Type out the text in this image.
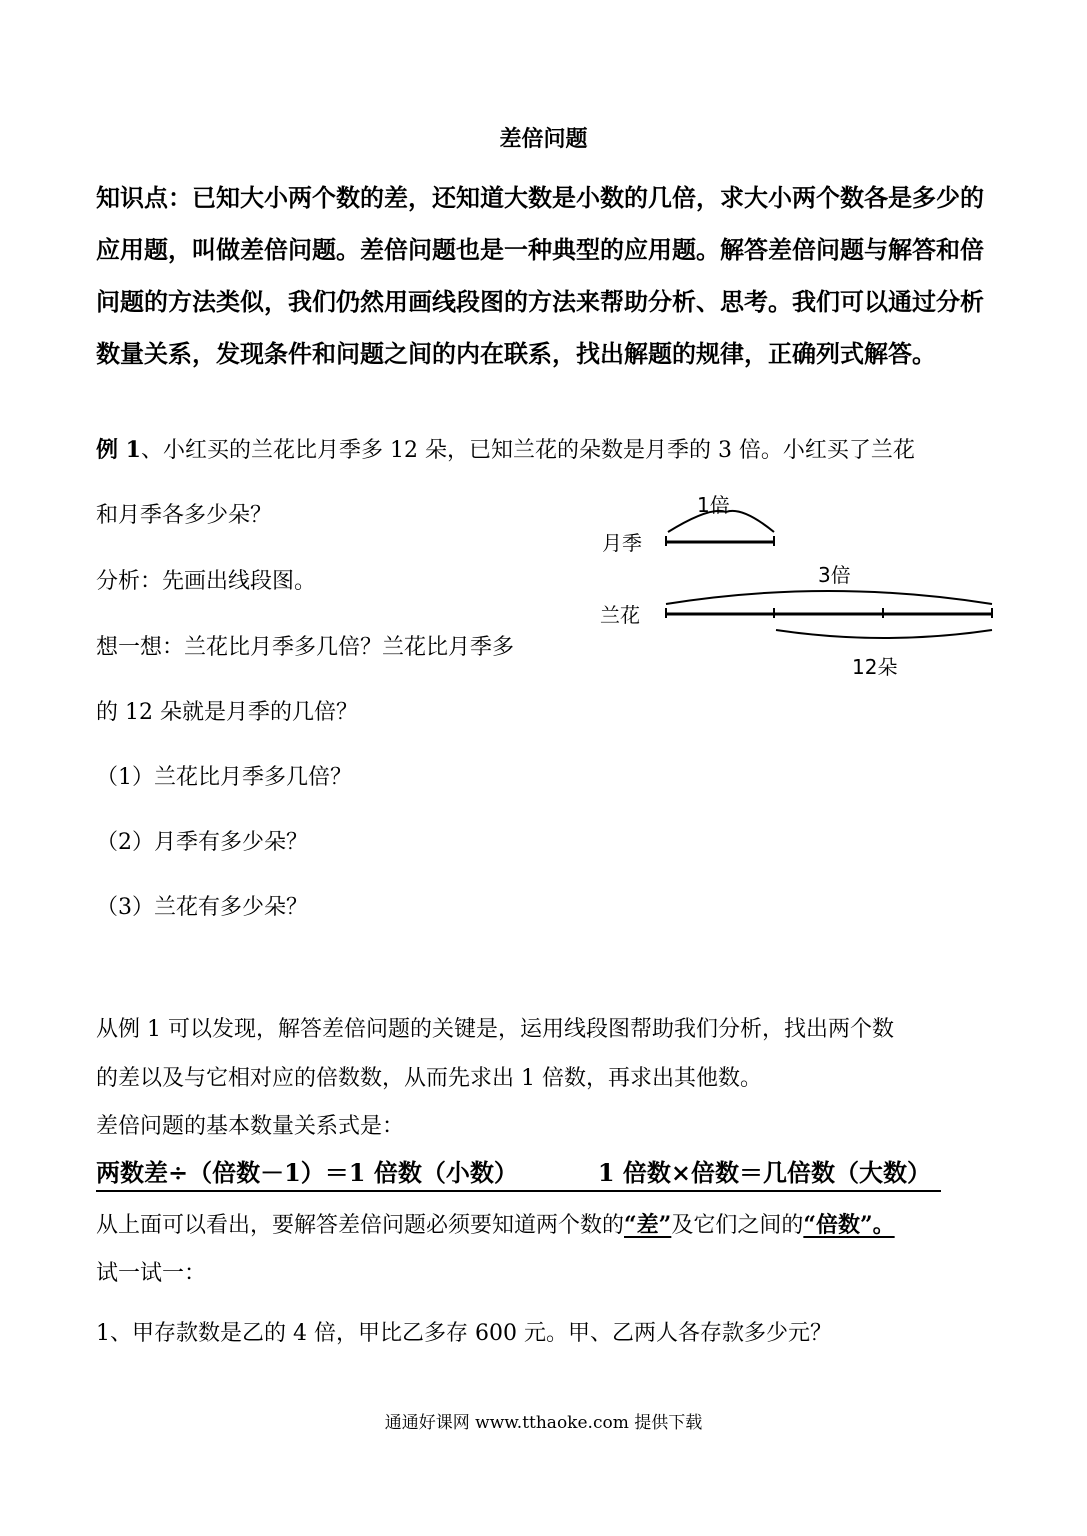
差倍问题
知识点：已知大小两个数的差，还知道大数是小数的几倍，求大小两个数各是多少的应用题，叫做差倍问题。差倍问题也是一种典型的应用题。解答差倍问题与解答和倍问题的方法类似，我们仍然用画线段图的方法来帮助分析、思考。我们可以通过分析数量关系，发现条件和问题之间的内在联系，找出解题的规律，正确列式解答。
例 1、小红买的兰花比月季多 12 朵，已知兰花的朵数是月季的 3 倍。小红买了兰花
和月季各多少朵？
分析：先画出线段图。
想一想：兰花比月季多几倍？兰花比月季多
的 12 朵就是月季的几倍？
（1）兰花比月季多几倍？
（2）月季有多少朵？
（3）兰花有多少朵？
1倍
月季
3倍
兰花
12朵
从例 1 可以发现，解答差倍问题的关键是，运用线段图帮助我们分析，找出两个数
的差以及与它相对应的倍数数，从而先求出 1 倍数，再求出其他数。
差倍问题的基本数量关系式是：
两数差÷（倍数－1）＝1 倍数（小数）	1 倍数×倍数＝几倍数（大数）
从上面可以看出，要解答差倍问题必须要知道两个数的“差”及它们之间的“倍数”。
试一试一：
1、甲存款数是乙的 4 倍，甲比乙多存 600 元。甲、乙两人各存款多少元？
通通好课网 www.tthaoke.com 提供下载
